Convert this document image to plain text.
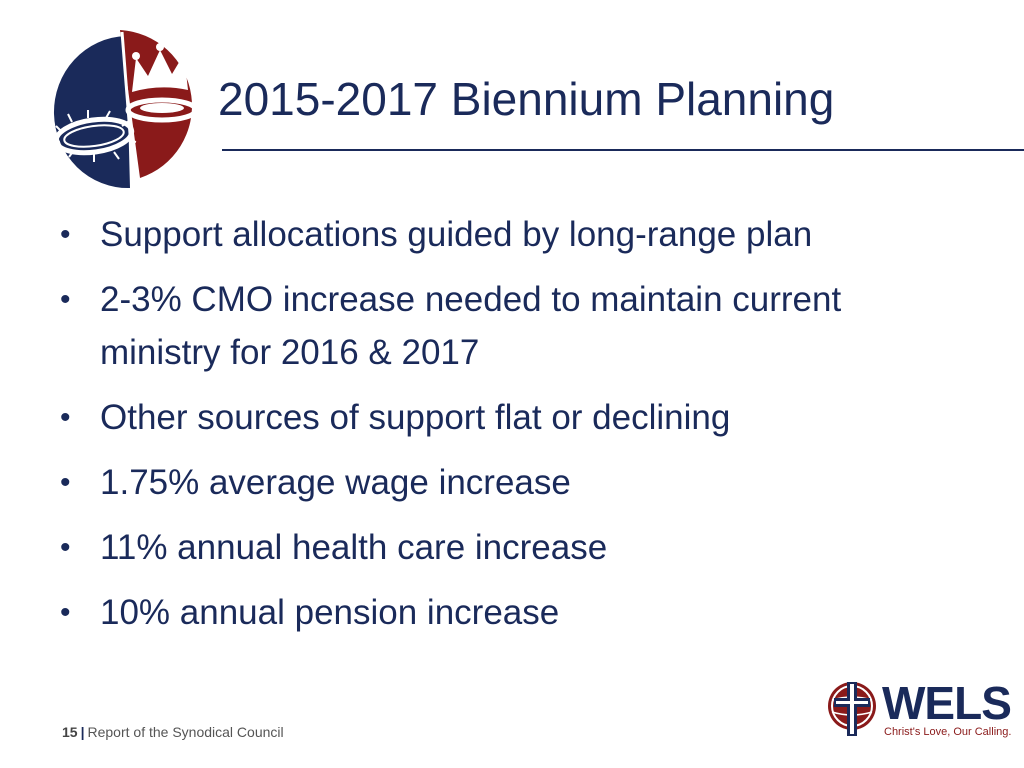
2015-2017 Biennium Planning
• Support allocations guided by long-range plan
• 2-3% CMO increase needed to maintain current ministry for 2016 & 2017
• Other sources of support flat or declining
• 1.75% average wage increase
• 11% annual health care increase
• 10% annual pension increase
15 | Report of the Synodical Council
WELS
Christ's Love, Our Calling.
